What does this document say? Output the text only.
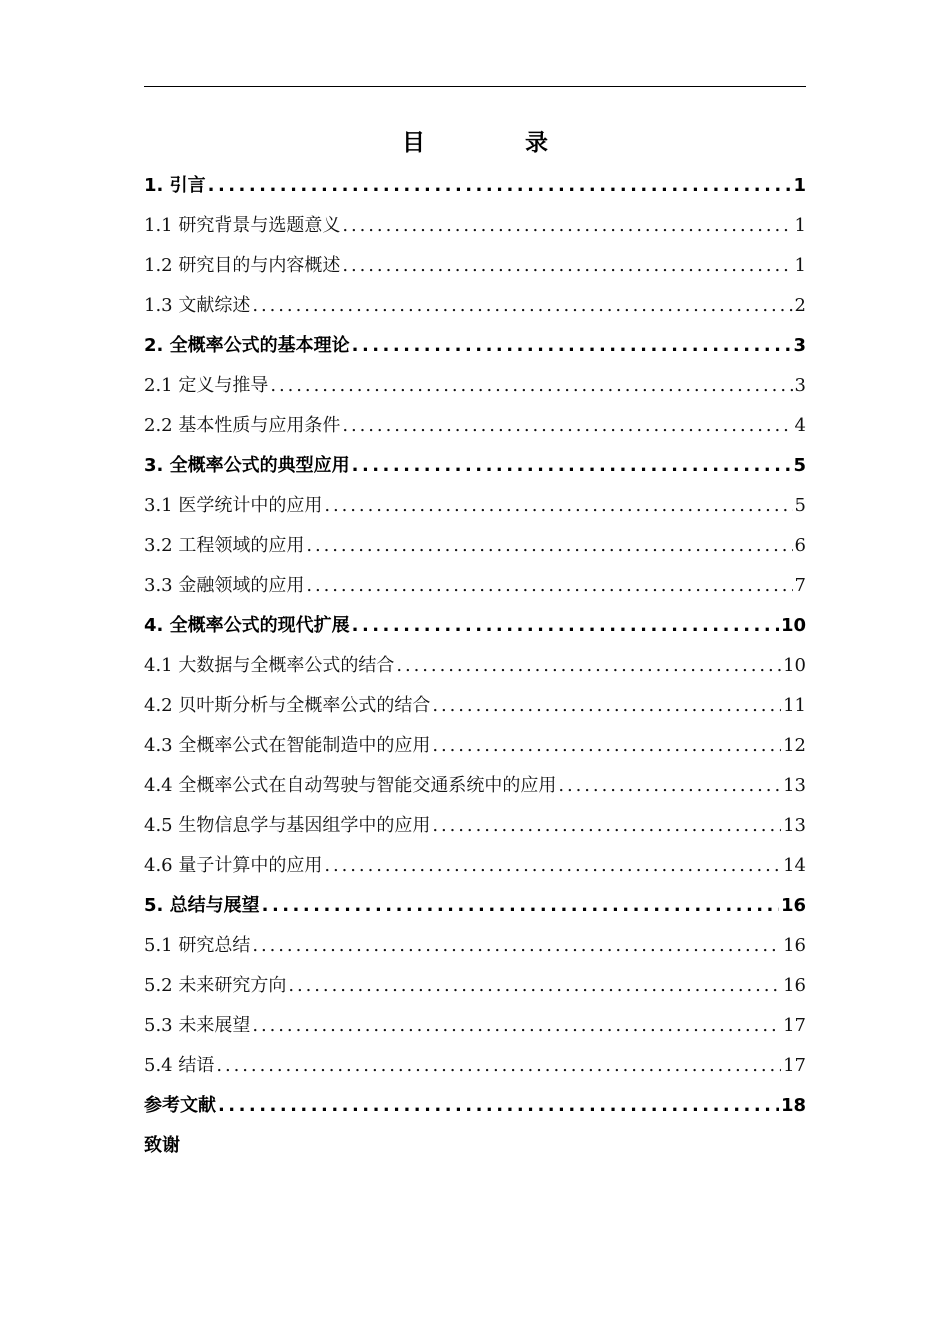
目 录
1. 引言 . . .	1
1.1 研究背景与选题意义 . . .	1
1.2 研究目的与内容概述 . . .	1
1.3 文献综述 . . .	2
2. 全概率公式的基本理论 . . .	3
2.1 定义与推导 . . .	3
2.2 基本性质与应用条件 . . .	4
3. 全概率公式的典型应用 . . .	5
3.1 医学统计中的应用 . . .	5
3.2 工程领域的应用 . . .	6
3.3 金融领域的应用 . . .	7
4. 全概率公式的现代扩展 . . .	10
4.1 大数据与全概率公式的结合 . . .	10
4.2 贝叶斯分析与全概率公式的结合 . . .	11
4.3 全概率公式在智能制造中的应用 . . .	12
4.4 全概率公式在自动驾驶与智能交通系统中的应用 . . .	13
4.5 生物信息学与基因组学中的应用 . . .	13
4.6 量子计算中的应用 . . .	14
5. 总结与展望 . . .	16
5.1 研究总结 . . .	16
5.2 未来研究方向 . . .	16
5.3 未来展望 . . .	17
5.4 结语 . . .	17
参考文献 . . .	18
致谢
